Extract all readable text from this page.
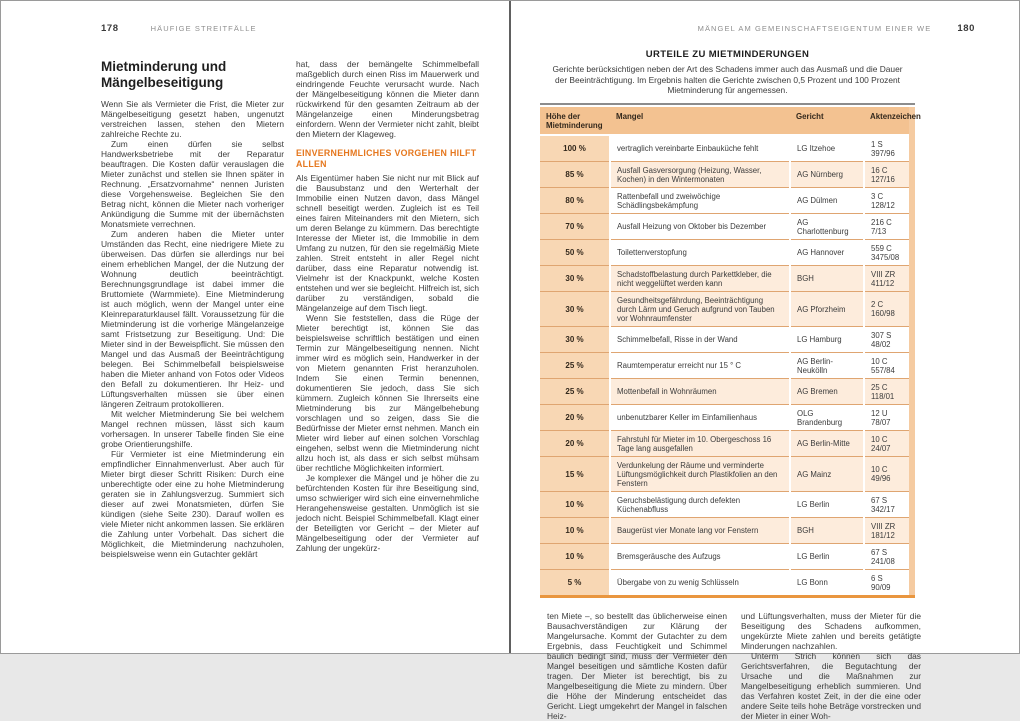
178	HÄUFIGE STREITFÄLLE
Mietminderung und Mängelbeseitigung

Wenn Sie als Vermieter die Frist, die Mieter zur Mängelbeseitigung gesetzt haben, ungenutzt verstreichen lassen, stehen den Mietern zahlreiche Rechte zu.

Zum einen dürfen sie selbst Handwerksbetriebe mit der Reparatur beauftragen. Die Kosten dafür verauslagen die Mieter zunächst und stellen sie Ihnen später in Rechnung. „Ersatzvornahme“ nennen Juristen diese Vorgehensweise. Begleichen Sie den Betrag nicht, können die Mieter nach vorheriger Ankündigung die Summe mit der übernächsten Monatsmiete verrechnen.

Zum anderen haben die Mieter unter Umständen das Recht, eine niedrigere Miete zu überweisen. Das dürfen sie allerdings nur bei einem erheblichen Mangel, der die Nutzung der Wohnung deutlich beeinträchtigt. Berechnungsgrundlage ist dabei immer die Bruttomiete (Warmmiete). Eine Mietminderung ist auch möglich, wenn der Mangel unter eine Kleinreparaturklausel fällt. Voraussetzung für die Mietminderung ist die vorherige Mängelanzeige samt Fristsetzung zur Beseitigung. Und: Die Mieter sind in der Beweispflicht. Sie müssen den Mangel und das Ausmaß der Beeinträchtigung belegen. Bei Schimmelbefall beispielsweise haben die Mieter anhand von Fotos oder Videos den Befall zu dokumentieren. Ihr Heiz- und Lüftungsverhalten müssen sie über einen längeren Zeitraum protokollieren.

Mit welcher Mietminderung Sie bei welchem Mangel rechnen müssen, lässt sich kaum vorhersagen. In unserer Tabelle finden Sie eine grobe Orientierungshilfe.

Für Vermieter ist eine Mietminderung ein empfindlicher Einnahmenverlust. Aber auch für Mieter birgt dieser Schritt Risiken: Durch eine unberechtigte oder eine zu hohe Mietminderung geraten sie in Zahlungsverzug. Summiert sich dieser auf zwei Monatsmieten, dürfen Sie kündigen (siehe Seite 230). Darauf wollen es viele Mieter nicht ankommen lassen. Sie erklären die Zahlung unter Vorbehalt. Das sichert die Möglichkeit, die Mietminderung nachzuholen, beispielsweise wenn ein Gutachter geklärt

hat, dass der bemängelte Schimmelbefall maßgeblich durch einen Riss im Mauerwerk und eindringende Feuchte verursacht wurde. Nach der Mängelbeseitigung können die Mieter dann rückwirkend für den gesamten Zeitraum ab der Mängelanzeige einen Minderungsbetrag einfordern. Wenn der Vermieter nicht zahlt, bleibt den Mietern der Klageweg.

EINVERNEHMLICHES VORGEHEN HILFT ALLEN

Als Eigentümer haben Sie nicht nur mit Blick auf die Bausubstanz und den Werterhalt der Immobilie einen Nutzen davon, dass Mängel schnell beseitigt werden. Zugleich ist es Teil eines fairen Miteinanders mit den Mietern, sich um deren Belange zu kümmern. Das berechtigte Interesse der Mieter ist, die Immobilie in dem Umfang zu nutzen, für den sie regelmäßig Miete zahlen. Streit entsteht in aller Regel nicht darüber, dass eine Reparatur notwendig ist. Vielmehr ist der Knackpunkt, welche Kosten entstehen und wer sie begleicht. Hilfreich ist, sich darüber zu verständigen, sobald die Mängelanzeige auf dem Tisch liegt.

Wenn Sie feststellen, dass die Rüge der Mieter berechtigt ist, können Sie das beispielsweise schriftlich bestätigen und einen Termin zur Mängelbeseitigung nennen. Nicht immer wird es möglich sein, Handwerker in der von Mietern genannten Frist heranzuholen. Indem Sie einen Termin benennen, dokumentieren Sie jedoch, dass Sie sich kümmern. Zugleich können Sie Ihrerseits eine Mietminderung bis zur Mängelbehebung vorschlagen und so zeigen, dass Sie die Bedürfnisse der Mieter ernst nehmen. Manch ein Mieter wird lieber auf einen solchen Vorschlag eingehen, selbst wenn die Mietminderung nicht allzu hoch ist, als dass er sich selbst mühsam über rechtliche Möglichkeiten informiert.

Je komplexer die Mängel und je höher die zu befürchtenden Kosten für ihre Beseitigung sind, umso schwieriger wird sich eine einvernehmliche Herangehensweise gestalten. Unmöglich ist sie jedoch nicht. Beispiel Schimmelbefall. Klagt einer der Beteiligten vor Gericht – der Mieter auf Mängelbeseitigung oder der Vermieter auf Zahlung der ungekürz-

MÄNGEL AM GEMEINSCHAFTSEIGENTUM EINER WE	180
URTEILE ZU MIETMINDERUNGEN
Gerichte berücksichtigen neben der Art des Schadens immer auch das Ausmaß und die Dauer der Beeinträchtigung. Im Ergebnis halten die Gerichte zwischen 0,5 Prozent und 100 Prozent Mietminderung für angemessen.
Höhe der Mietminderung	Mangel	Gericht	Aktenzeichen
100 %	vertraglich vereinbarte Einbauküche fehlt	LG Itzehoe	1 S 397/96
85 %	Ausfall Gasversorgung (Heizung, Wasser, Kochen) in den Wintermonaten	AG Nürnberg	16 C 127/16
80 %	Rattenbefall und zweiwöchige Schädlingsbekämpfung	AG Dülmen	3 C 128/12
70 %	Ausfall Heizung von Oktober bis Dezember	AG Charlottenburg	216 C 7/13
50 %	Toilettenverstopfung	AG Hannover	559 C 3475/08
30 %	Schadstoffbelastung durch Parkettkleber, die nicht weggelüftet werden kann	BGH	VIII ZR 411/12
30 %	Gesundheitsgefährdung, Beeinträchtigung durch Lärm und Geruch aufgrund von Tauben vor Wohnraumfenster	AG Pforzheim	2 C 160/98
30 %	Schimmelbefall, Risse in der Wand	LG Hamburg	307 S 48/02
25 %	Raumtemperatur erreicht nur 15 ° C	AG Berlin-Neukölln	10 C 557/84
25 %	Mottenbefall in Wohnräumen	AG Bremen	25 C 118/01
20 %	unbenutzbarer Keller im Einfamilienhaus	OLG Brandenburg	12 U 78/07
20 %	Fahrstuhl für Mieter im 10. Obergeschoss 16 Tage lang ausgefallen	AG Berlin-Mitte	10 C 24/07
15 %	Verdunkelung der Räume und verminderte Lüftungsmöglichkeit durch Plastikfolien an den Fenstern	AG Mainz	10 C 49/96
10 %	Geruchsbelästigung durch defekten Küchenabfluss	LG Berlin	67 S 342/17
10 %	Baugerüst vier Monate lang vor Fenstern	BGH	VIII ZR 181/12
10 %	Bremsgeräusche des Aufzugs	LG Berlin	67 S 241/08
5 %	Übergabe von zu wenig Schlüsseln	LG Bonn	6 S 90/09

ten Miete –, so bestellt das üblicherweise einen Bausachverständigen zur Klärung der Mangelursache. Kommt der Gutachter zu dem Ergebnis, dass Feuchtigkeit und Schimmel baulich bedingt sind, muss der Vermieter den Mangel beseitigen und sämtliche Kosten dafür tragen. Der Mieter ist berechtigt, bis zu Mangelbeseitigung die Miete zu mindern. Über die Höhe der Minderung entscheidet das Gericht. Liegt umgekehrt der Mangel in falschen Heiz-

und Lüftungsverhalten, muss der Mieter für die Beseitigung des Schadens aufkommen, ungekürzte Miete zahlen und bereits getätigte Minderungen nachzahlen.

Unterm Strich können sich das Gerichtsverfahren, die Begutachtung der Ursache und die Maßnahmen zur Mangelbeseitigung erheblich summieren. Und das Verfahren kostet Zeit, in der die eine oder andere Seite teils hohe Beträge vorstrecken und der Mieter in einer Woh-
